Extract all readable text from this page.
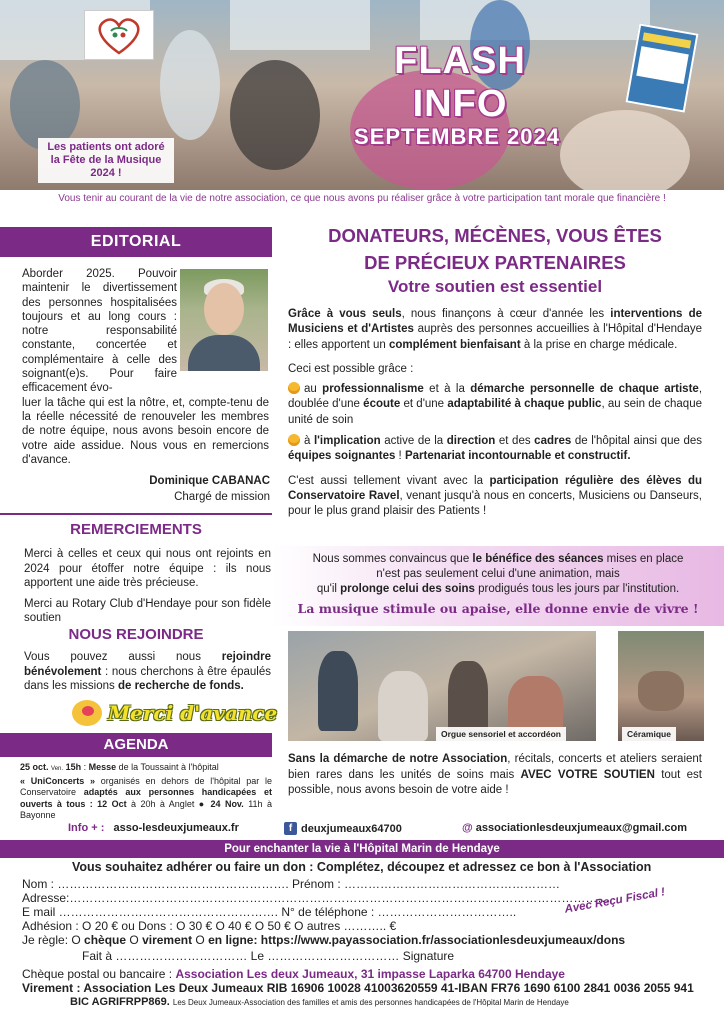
Les patients ont adoré la Fête de la Musique 2024 !
FLASH INFO
SEPTEMBRE 2024
Vous tenir au courant de la vie de notre association, ce que nous avons pu réaliser grâce à votre participation tant morale que financière !
EDITORIAL
Aborder 2025. Pouvoir maintenir le divertissement des personnes hospitalisées toujours et au long cours : notre responsabilité constante, concertée et complémentaire à celle des soignant(e)s. Pour faire efficacement évo-
luer la tâche qui est la nôtre, et, compte-tenu de la réelle nécessité de renouveler les membres de notre équipe, nous avons besoin encore de votre aide assidue. Nous vous en remercions d'avance.
Dominique CABANAC
Chargé de mission
REMERCIEMENTS

Merci à celles et ceux qui nous ont rejoints en 2024 pour étoffer notre équipe : ils nous apportent une aide très précieuse.

Merci au Rotary Club d'Hendaye pour son fidèle soutien

NOUS REJOINDRE
Vous pouvez aussi nous rejoindre bénévolement : nous cherchons à être épaulés dans les missions de recherche de fonds.
Merci d'avance
AGENDA
25 oct. Ven. 15h : Messe de la Toussaint à l'hôpital
« UniConcerts » organisés en dehors de l'hôpital par le Conservatoire adaptés aux personnes handicapées et ouverts à tous : 12 Oct à 20h à Anglet ● 24 Nov. 11h à Bayonne
DONATEURS, MÉCÈNES, VOUS ÊTES
DE PRÉCIEUX PARTENAIRES
Votre soutien est essentiel

Grâce à vous seuls, nous finançons à cœur d'année les interventions de Musiciens et d'Artistes auprès des personnes accueillies à l'Hôpital d'Hendaye : elles apportent un complément bienfaisant à la prise en charge médicale.

Ceci est possible grâce :

au professionnalisme et à la démarche personnelle de chaque artiste, doublée d'une écoute et d'une adaptabilité à chaque public, au sein de chaque unité de soin

à l'implication active de la direction et des cadres de l'hôpital ainsi que des équipes soignantes ! Partenariat incontournable et constructif.

C'est aussi tellement vivant avec la participation régulière des élèves du Conservatoire Ravel, venant jusqu'à nous en concerts, Musiciens ou Danseurs, pour le plus grand plaisir des Patients !

Nous sommes convaincus que le bénéfice des séances mises en place
n'est pas seulement celui d'une animation, mais
qu'il prolonge celui des soins prodigués tous les jours par l'institution.
La musique stimule ou apaise, elle donne envie de vivre !
Orgue sensoriel et accordéon	Céramique
Sans la démarche de notre Association, récitals, concerts et ateliers seraient bien rares dans les unités de soins mais AVEC VOTRE SOUTIEN tout est possible, nous avons besoin de votre aide !
Info + : asso-lesdeuxjumeaux.fr	f deuxjumeaux64700	@ associationlesdeuxjumeaux@gmail.com
Pour enchanter la vie à l'Hôpital Marin de Hendaye
Vous souhaitez adhérer ou faire un don : Complétez, découpez et adressez ce bon à l'Association
Nom : …………………………………………………. Prénom : ………………………………………………
Adresse:………………………………………………………………………………………………………………………
E mail ………………………………………………. N° de téléphone : ……………………………..
Adhésion : O 20 € ou Dons : O 30 € O 40 € O 50 € O autres ……….. €
Je règle: O chèque O virement O en ligne: https://www.payassociation.fr/associationlesdeuxjumeaux/dons
Fait à …………………………… Le …………………………… Signature
Chèque postal ou bancaire : Association Les deux Jumeaux, 31 impasse Laparka 64700 Hendaye
Virement : Association Les Deux Jumeaux RIB 16906 10028 41003620559 41-IBAN FR76 1690 6100 2841 0036 2055 941
BIC AGRIFRPP869. Les Deux Jumeaux-Association des familles et amis des personnes handicapées de l'Hôpital Marin de Hendaye
Avec Reçu Fiscal !
